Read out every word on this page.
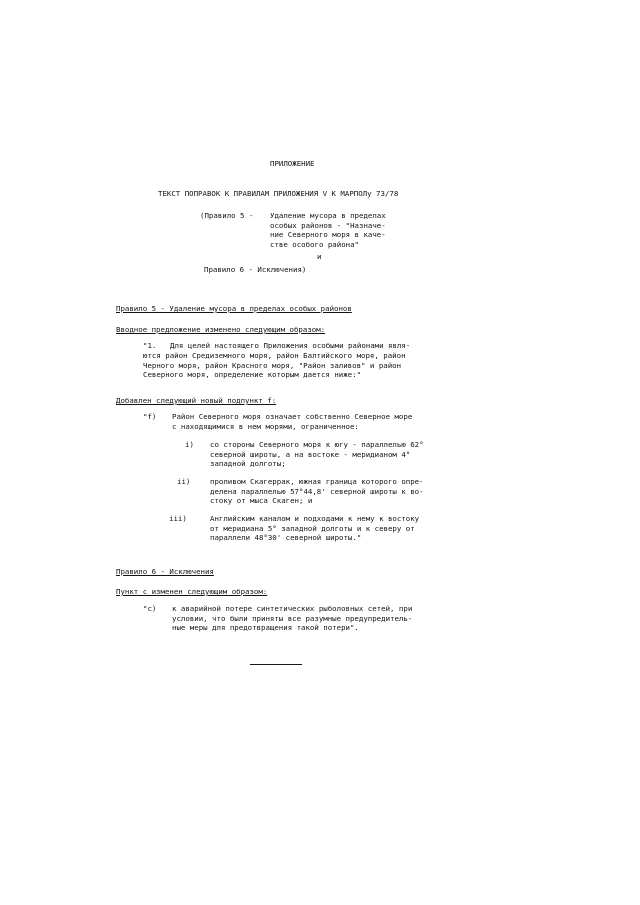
ПРИЛОЖЕНИЕ
ТЕКСТ ПОПРАВОК К ПРАВИЛАМ ПРИЛОЖЕНИЯ V К МАРПОЛу 73/78
(Правило 5 - Удаление мусора в пределах
особых районов - "Назначе-
ние Северного моря в каче-
стве особого района"
и
Правило 6 - Исключения)
Правило 5 - Удаление мусора в пределах особых районов
Вводное предложение изменено следующим образом:
"1. Для целей настоящего Приложения особыми районами явля-
ются район Средиземного моря, район Балтийского моря, район
Черного моря, район Красного моря, "Район заливов" и район
Северного моря, определение которым дается ниже:"
Добавлен следующий новый подпункт f:
"f) Район Северного моря означает собственно Северное море
с находящимися в нем морями, ограниченное:
i) со стороны Северного моря к югу - параллелью 62°
северной широты, а на востоке - меридианом 4°
западной долготы;
ii)	проливом Скагеррак, южная граница которого опре-
делена параллелью 57°44,8' северной широты к во-
стоку от мыса Скаген; и
iii)	Английским каналом и подходами к нему к востоку
от меридиана 5° западной долготы и к северу от
параллели 48°30' северной широты."
Правило 6 - Исключения
Пункт c изменен следующим образом:
"c) к аварийной потере синтетических рыболовных сетей, при
условии, что были приняты все разумные предупредитель-
ные меры для предотвращения такой потери".
